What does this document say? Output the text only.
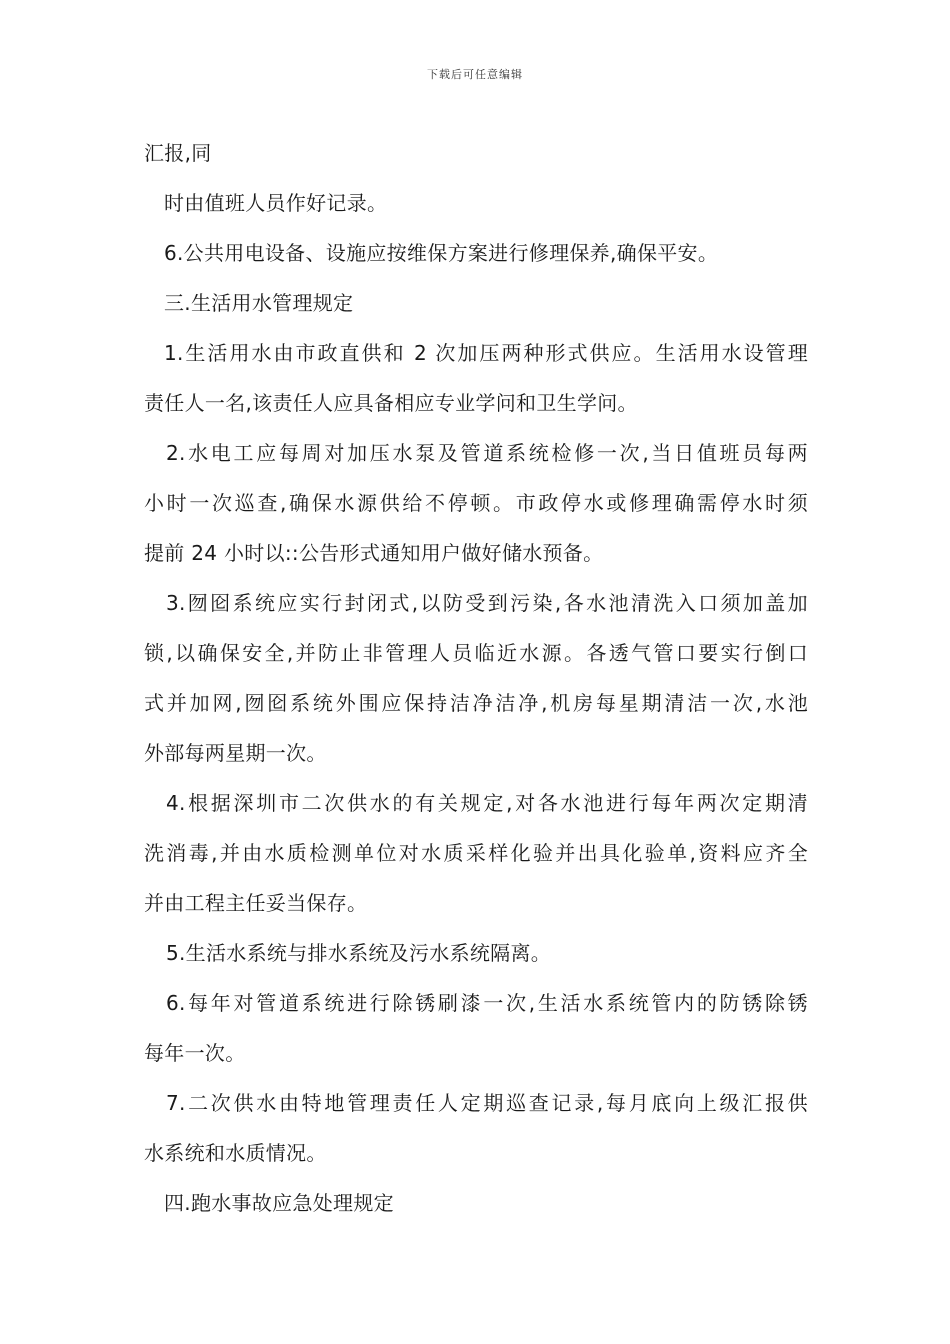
下载后可任意编辑
汇报,同
时由值班人员作好记录。
6.公共用电设备、设施应按维保方案进行修理保养,确保平安。
三.生活用水管理规定
1.生活用水由市政直供和 2 次加压两种形式供应。生活用水设管理
责任人一名,该责任人应具备相应专业学问和卫生学问。
2.水电工应每周对加压水泵及管道系统检修一次,当日值班员每两
小时一次巡查,确保水源供给不停顿。市政停水或修理确需停水时须
提前 24 小时以::公告形式通知用户做好储水预备。
3.囫囵系统应实行封闭式,以防受到污染,各水池清洗入口须加盖加
锁,以确保安全,并防止非管理人员临近水源。各透气管口要实行倒口
式并加网,囫囵系统外围应保持洁净洁净,机房每星期清洁一次,水池
外部每两星期一次。
4.根据深圳市二次供水的有关规定,对各水池进行每年两次定期清
洗消毒,并由水质检测单位对水质采样化验并出具化验单,资料应齐全
并由工程主任妥当保存。
5.生活水系统与排水系统及污水系统隔离。
6.每年对管道系统进行除锈刷漆一次,生活水系统管内的防锈除锈
每年一次。
7.二次供水由特地管理责任人定期巡查记录,每月底向上级汇报供
水系统和水质情况。
四.跑水事故应急处理规定
